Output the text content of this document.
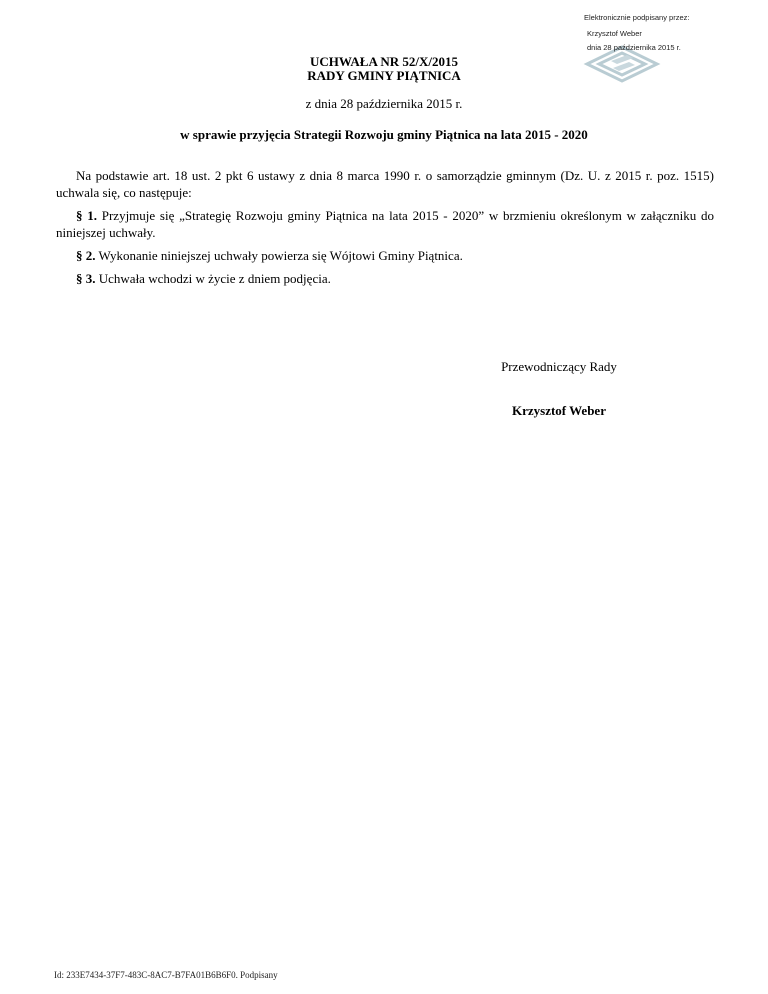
Elektronicznie podpisany przez:
Krzysztof Weber
dnia 28 października 2015 r.
UCHWAŁA NR 52/X/2015
RADY GMINY PIĄTNICA
z dnia 28 października 2015 r.
w sprawie przyjęcia Strategii Rozwoju gminy Piątnica na lata 2015 - 2020
Na podstawie art. 18 ust. 2 pkt 6 ustawy z dnia 8 marca 1990 r. o samorządzie gminnym (Dz. U. z 2015 r. poz. 1515) uchwala się, co następuje:
§ 1. Przyjmuje się „Strategię Rozwoju gminy Piątnica na lata 2015 - 2020” w brzmieniu określonym w załączniku do niniejszej uchwały.
§ 2. Wykonanie niniejszej uchwały powierza się Wójtowi Gminy Piątnica.
§ 3. Uchwała wchodzi w życie z dniem podjęcia.
Przewodniczący Rady
Krzysztof Weber
Id: 233E7434-37F7-483C-8AC7-B7FA01B6B6F0. Podpisany
